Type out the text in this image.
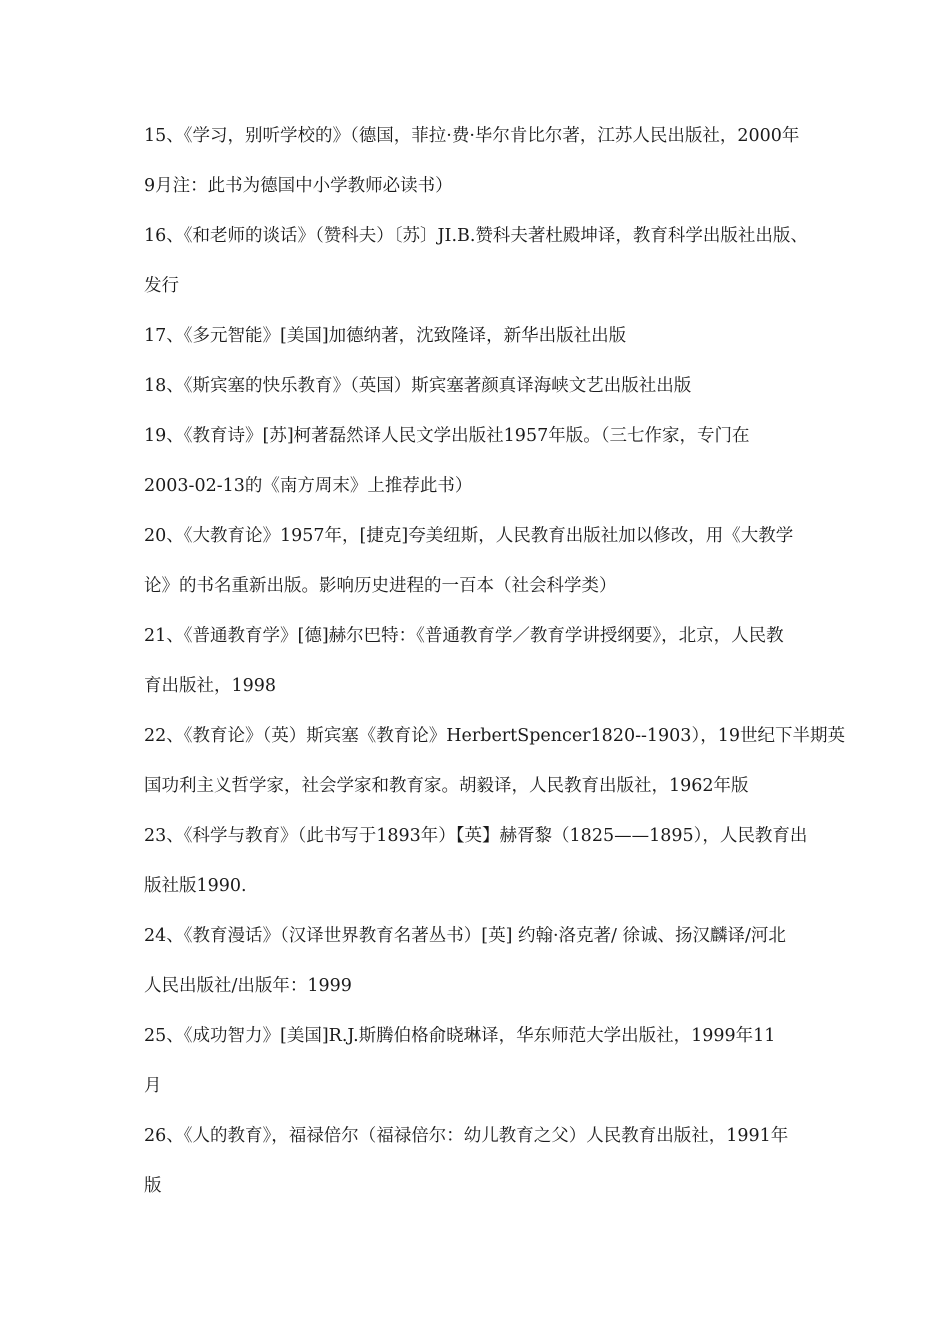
15、《学习，别听学校的》（德国，菲拉·费·毕尔肯比尔著，江苏人民出版社，2000年
9月注：此书为德国中小学教师必读书）
16、《和老师的谈话》（赞科夫）〔苏〕JI.B.赞科夫著杜殿坤译，教育科学出版社出版、
发行
17、《多元智能》[美国]加德纳著，沈致隆译，新华出版社出版
18、《斯宾塞的快乐教育》（英国）斯宾塞著颜真译海峡文艺出版社出版
19、《教育诗》[苏]柯著磊然译人民文学出版社1957年版。（三七作家，专门在
2003-02-13的《南方周末》上推荐此书）
20、《大教育论》1957年，[捷克]夸美纽斯，人民教育出版社加以修改，用《大教学
论》的书名重新出版。影响历史进程的一百本（社会科学类）
21、《普通教育学》[德]赫尔巴特：《普通教育学／教育学讲授纲要》，北京，人民教
育出版社，1998
22、《教育论》（英）斯宾塞《教育论》HerbertSpencer1820--1903），19世纪下半期英
国功利主义哲学家，社会学家和教育家。胡毅译，人民教育出版社，1962年版
23、《科学与教育》（此书写于1893年）【英】赫胥黎（1825——1895），人民教育出
版社版1990.
24、《教育漫话》（汉译世界教育名著丛书）[英] 约翰·洛克著/ 徐诚、扬汉麟译/河北
人民出版社/出版年：1999
25、《成功智力》[美国]R.J.斯腾伯格俞晓琳译，华东师范大学出版社，1999年11
月
26、《人的教育》，福禄倍尔（福禄倍尔：幼儿教育之父）人民教育出版社，1991年
版
